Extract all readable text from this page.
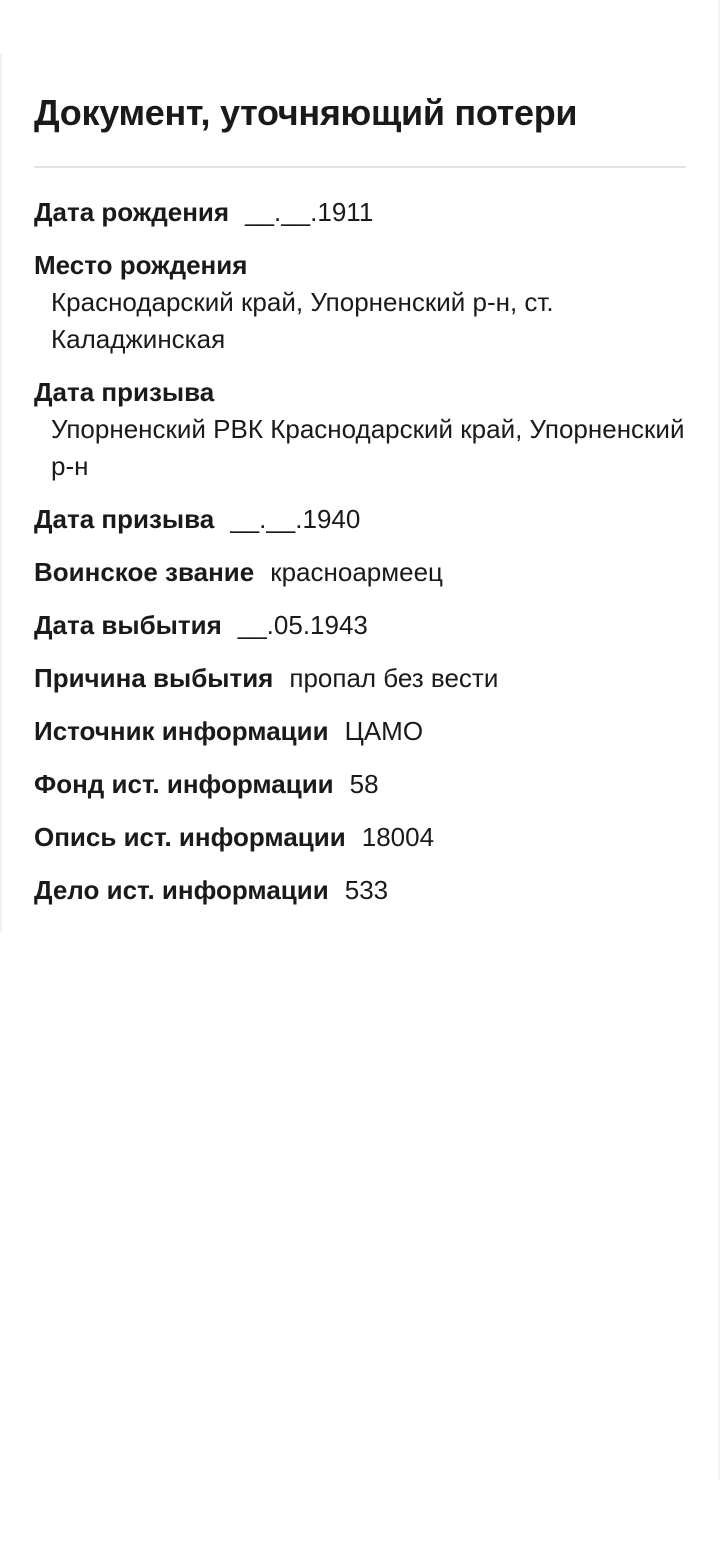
Документ, уточняющий потери
Дата рождения __.__.1911
Место рождения
Краснодарский край, Упорненский р-н, ст. Каладжинская
Дата призыва
Упорненский РВК Краснодарский край, Упорненский р-н
Дата призыва __.__.1940
Воинское звание красноармеец
Дата выбытия __.05.1943
Причина выбытия пропал без вести
Источник информации ЦАМО
Фонд ист. информации 58
Опись ист. информации 18004
Дело ист. информации 533
